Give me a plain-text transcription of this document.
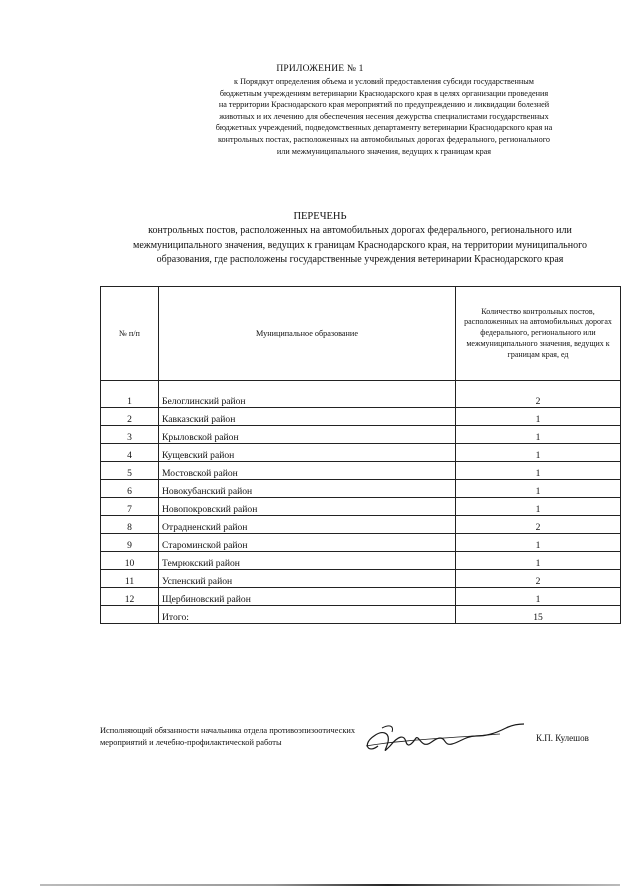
ПРИЛОЖЕНИЕ № 1
к Порядкут определения объема и условий предоставления субсиди государственным
бюджетным учреждениям ветеринарии Краснодарского края в целях организации проведения
на территории Краснодарского края мероприятий по предупреждению и ликвидации болезней
животных и их лечению для обеспечения несения дежурства специалистами государственных
бюджетных учреждений, подведомственных департаменту ветеринарии Краснодарского края на
контрольных постах, расположенных на автомобильных дорогах федерального, регионального
или межмуниципального значения, ведущих к границам края
ПЕРЕЧЕНЬ
контрольных постов, расположенных на автомобильных дорогах федерального, регионального или
межмуниципального значения, ведущих к границам Краснодарского края, на территории муниципального
образования, где расположены государственные учреждения ветеринарии Краснодарского края
№ п/п	Муниципальное образование	Количество контрольных постов, расположенных на автомобильных дорогах федерального, регионального или межмуниципального значения, ведущих к границам края, ед
1	Белоглинский район	2
2	Кавказский район	1
3	Крыловской район	1
4	Кущевский район	1
5	Мостовской район	1
6	Новокубанский район	1
7	Новопокровский район	1
8	Отрадненский район	2
9	Староминской район	1
10	Темрюкский район	1
11	Успенский район	2
12	Щербиновский район	1
	Итого:	15
Исполняющий обязанности начальника отдела противоэпизоотических
мероприятий и лечебно-профилактической работы	К.П. Кулешов
